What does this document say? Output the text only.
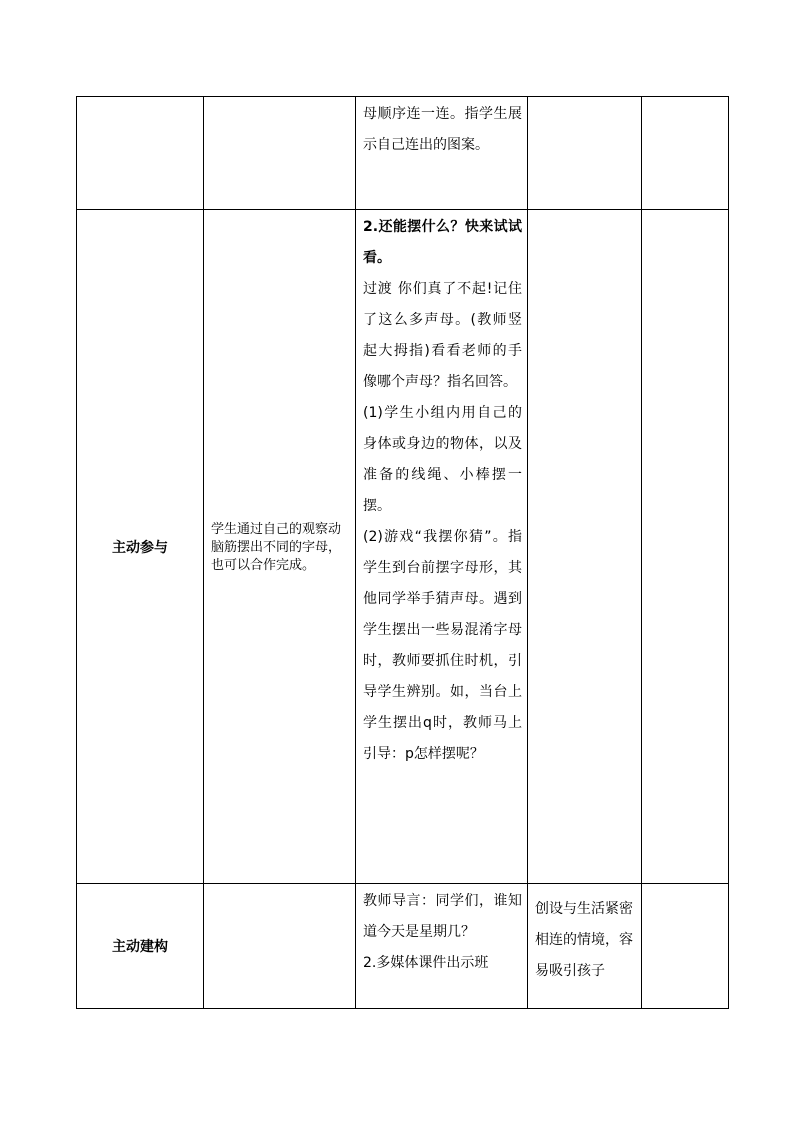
		母顺序连一连。指学生展示自己连出的图案。		

主动参与	学生通过自己的观察动脑筋摆出不同的字母，也可以合作完成。	2.还能摆什么？快来试试看。

过渡 你们真了不起!记住了这么多声母。(教师竖起大拇指)看看老师的手像哪个声母？指名回答。

(1)学生小组内用自己的身体或身边的物体，以及准备的线绳、小棒摆一摆。

(2)游戏“我摆你猜”。指学生到台前摆字母形，其他同学举手猜声母。遇到学生摆出一些易混淆字母时，教师要抓住时机，引导学生辨别。如，当台上学生摆出q时，教师马上引导：p怎样摆呢？		

主动建构		教师导言：同学们，谁知道今天是星期几？

2.多媒体课件出示班	创设与生活紧密相连的情境，容易吸引孩子	
